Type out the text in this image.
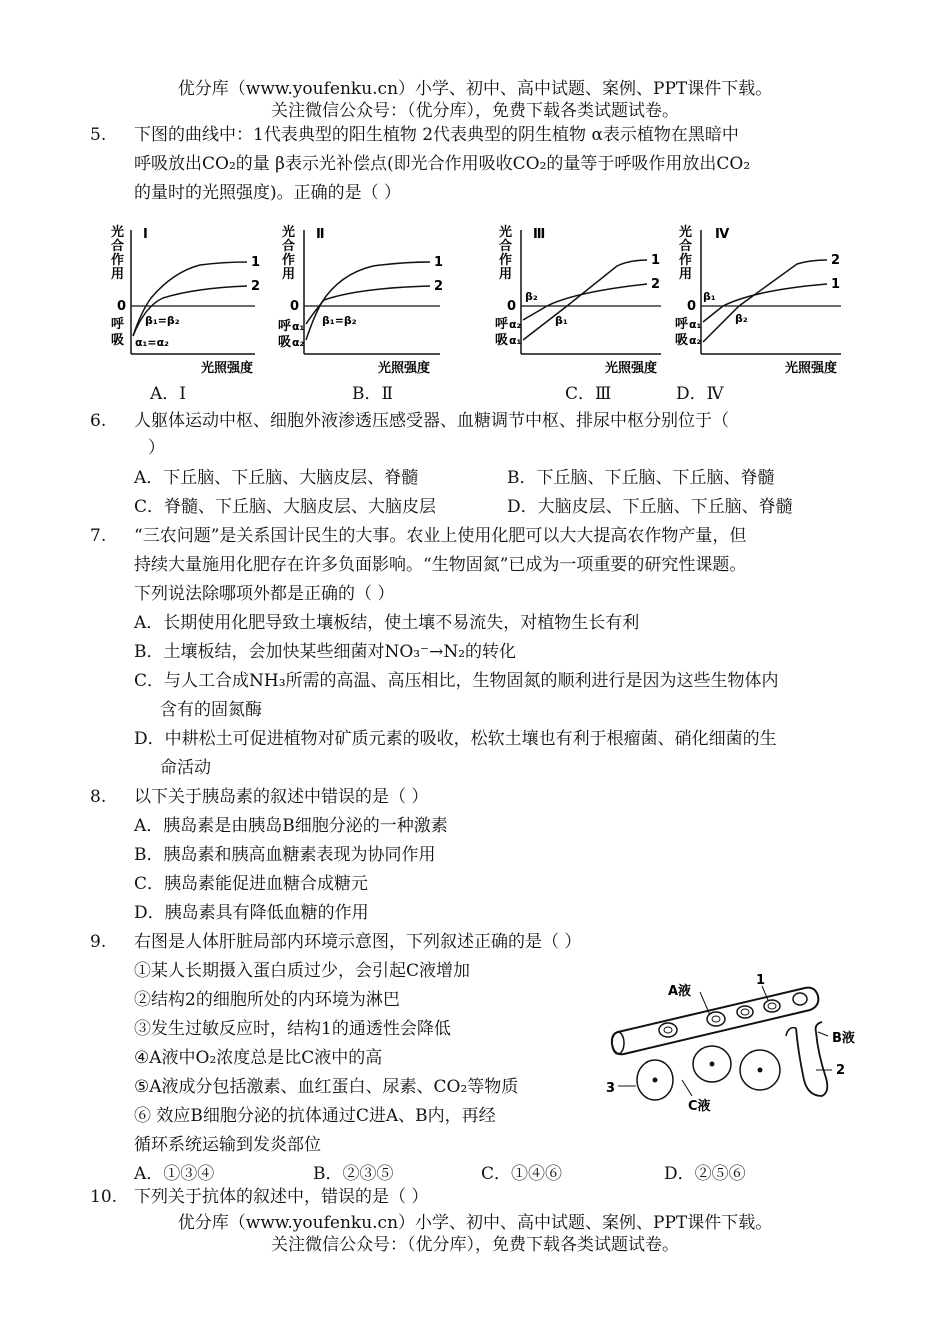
优分库（www.youfenku.cn）小学、初中、高中试题、案例、PPT课件下载。
关注微信公众号：（优分库），免费下载各类试题试卷。
5. 下图的曲线中：1代表典型的阳生植物 2代表典型的阴生植物 α表示植物在黑暗中
呼吸放出CO₂的量 β表示光补偿点(即光合作用吸收CO₂的量等于呼吸作用放出CO₂
的量时的光照强度)。正确的是（ ）
光
合
作
用
Ⅰ
0
呼
吸
1
2
β₁=β₂
α₁=α₂
光照强度
光
合
作
用
Ⅱ
0
呼
吸
α₁
α₂
1
2
β₁=β₂
光照强度
光
合
作
用
Ⅲ
0
呼
吸
α₂
α₁
1
2
β₂
β₁
光照强度
光
合
作
用
Ⅳ
0
呼
吸
α₁
α₂
1
2
β₁
β₂
光照强度
A．Ⅰ	B．Ⅱ	C．Ⅲ	D．Ⅳ
6. 人躯体运动中枢、细胞外液渗透压感受器、血糖调节中枢、排尿中枢分别位于（
）
A．下丘脑、下丘脑、大脑皮层、脊髓	B．下丘脑、下丘脑、下丘脑、脊髓
C．脊髓、下丘脑、大脑皮层、大脑皮层	D．大脑皮层、下丘脑、下丘脑、脊髓
7. “三农问题”是关系国计民生的大事。农业上使用化肥可以大大提高农作物产量，但
持续大量施用化肥存在许多负面影响。“生物固氮”已成为一项重要的研究性课题。
下列说法除哪项外都是正确的（ ）
A．长期使用化肥导致土壤板结，使土壤不易流失，对植物生长有利
B．土壤板结，会加快某些细菌对NO₃⁻→N₂的转化
C．与人工合成NH₃所需的高温、高压相比，生物固氮的顺利进行是因为这些生物体内
含有的固氮酶
D．中耕松土可促进植物对矿质元素的吸收，松软土壤也有利于根瘤菌、硝化细菌的生
命活动
8. 以下关于胰岛素的叙述中错误的是（ ）
A．胰岛素是由胰岛B细胞分泌的一种激素
B．胰岛素和胰高血糖素表现为协同作用
C．胰岛素能促进血糖合成糖元
D．胰岛素具有降低血糖的作用
9. 右图是人体肝脏局部内环境示意图，下列叙述正确的是（ ）
①某人长期摄入蛋白质过少，会引起C液增加
②结构2的细胞所处的内环境为淋巴
③发生过敏反应时，结构1的通透性会降低
④A液中O₂浓度总是比C液中的高
⑤A液成分包括激素、血红蛋白、尿素、CO₂等物质
⑥ 效应B细胞分泌的抗体通过C进A、B内，再经
循环系统运输到发炎部位
A液
1
B液
2
3
C液
A．①③④	B．②③⑤	C．①④⑥	D．②⑤⑥
10. 下列关于抗体的叙述中，错误的是（ ）
优分库（www.youfenku.cn）小学、初中、高中试题、案例、PPT课件下载。
关注微信公众号：（优分库），免费下载各类试题试卷。
